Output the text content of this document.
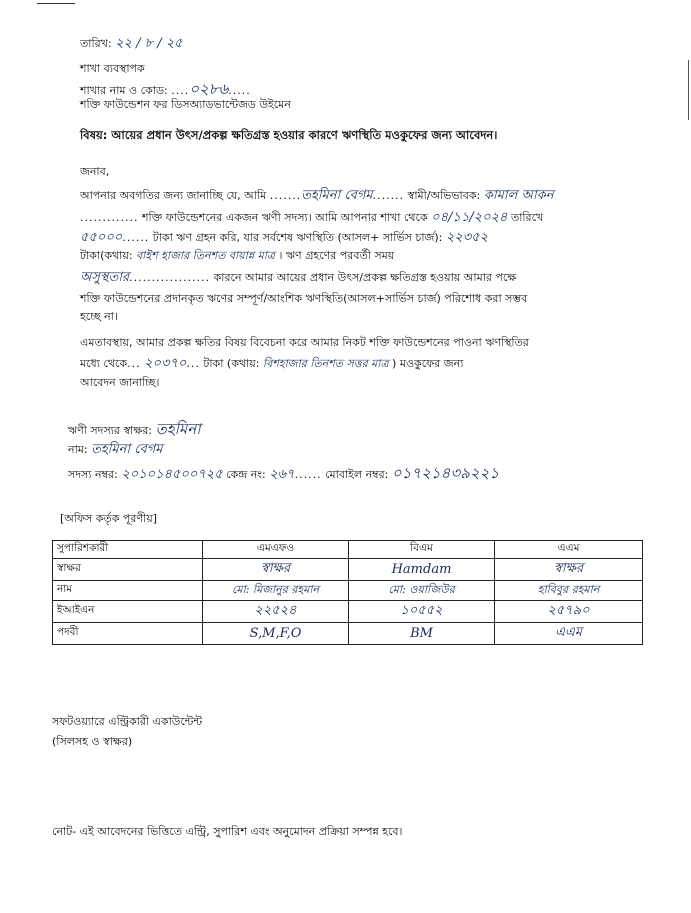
তারিখ: ২২ / ৮ / ২৫
শাখা ব্যবস্থাপক
শাখার নাম ও কোড: ....০২৮৬.....
শক্তি ফাউন্ডেশন ফর ডিসঅ্যাডভান্টেজড উইমেন
বিষয়: আয়ের প্রধান উৎস/প্রকল্প ক্ষতিগ্রস্ত হওয়ার কারণে ঋণস্থিতি মওকুফের জন্য আবেদন।
জনাব,
আপনার অবগতির জন্য জানাচ্ছি যে, আমি .......তহমিনা বেগম....... স্বামী/অভিভাবক: কামাল আকন
............. শক্তি ফাউন্ডেশনের একজন ঋণী সদস্য। আমি আপনার শাখা থেকে ০৪/১১/২০২৪ তারিখে
৫৫০০০...... টাকা ঋণ গ্রহন করি, যার সর্বশেষ ঋণস্থিতি (আসল+ সার্ভিস চার্জ): ২২৩৫২
টাকা(কথায়: বাইশ হাজার তিনশত বায়ান্ন মাত্র । ঋণ গ্রহণের পরবর্তী সময়
অসুস্থতার.................. কারনে আমার আয়ের প্রধান উৎস/প্রকল্প ক্ষতিগ্রস্ত হওয়ায় আমার পক্ষে
শক্তি ফাউন্ডেশনের প্রদানকৃত ঋণের সম্পূর্ণ/আংশিক ঋণস্থিতি(আসল+সার্ভিস চার্জ) পরিশোধ করা সম্ভব
হচ্ছে না।
এমতাবস্থায়, আমার প্রকল্প ক্ষতির বিষয় বিবেচনা করে আমার নিকট শক্তি ফাউন্ডেশনের পাওনা ঋণস্থিতির
মধ্যে থেকে... ২০৩৭০... টাকা (কথায়: বিশহাজার তিনশত সত্তর মাত্র ) মওকুফের জন্য
আবেদন জানাচ্ছি।
ঋণী সদস্যর স্বাক্ষর: তহমিনা
নাম: তহমিনা বেগম
সদস্য নম্বর: ২০১০১৪৫০০৭২৫ কেন্দ্র নং: ২৬৭...... মোবাইল নম্বর: ০১৭২১৪৩৯২২১
[অফিস কর্তৃক পূরণীয়]
সুপারিশকারী	এমএফও	বিএম	এএম
স্বাক্ষর	স্বাক্ষর	Hamdam	স্বাক্ষর
নাম	মো: মিজানুর রহমান	মো: ওয়াজিউর	হাবিবুর রহমান
ইআইএন	২২৫২৪	১০৫৫২	২৫৭৯০
পদবী	S,M,F,O	BM	এএম
সফটওয়্যারে এন্ট্রিকারী একাউন্টেন্ট
(সিলসহ ও স্বাক্ষর)
নোট- এই আবেদনের ভিত্তিতে এন্ট্রি, সুপারিশ এবং অনুমোদন প্রক্রিয়া সম্পন্ন হবে।
